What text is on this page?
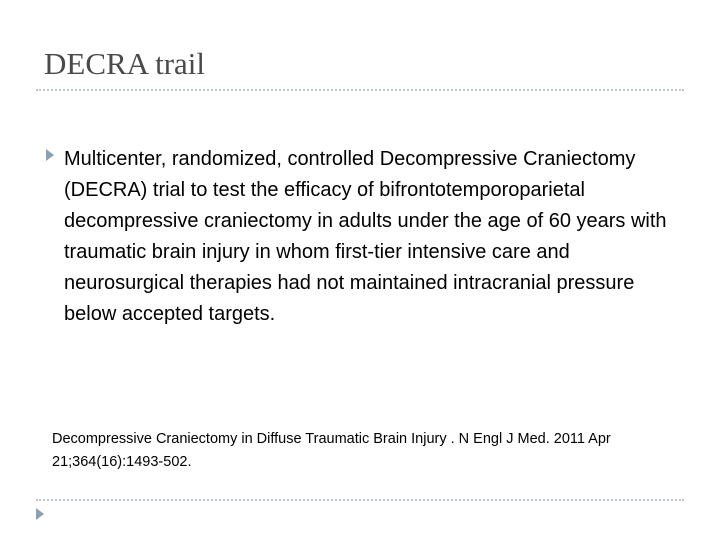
DECRA trail
Multicenter, randomized, controlled Decompressive Craniectomy (DECRA) trial to test the efficacy of bifrontotemporoparietal decompressive craniectomy in adults under the age of 60 years with traumatic brain injury in whom first-tier intensive care and neurosurgical therapies had not maintained intracranial pressure below accepted targets.
Decompressive Craniectomy in Diffuse Traumatic Brain Injury . N Engl J Med. 2011 Apr 21;364(16):1493-502.
